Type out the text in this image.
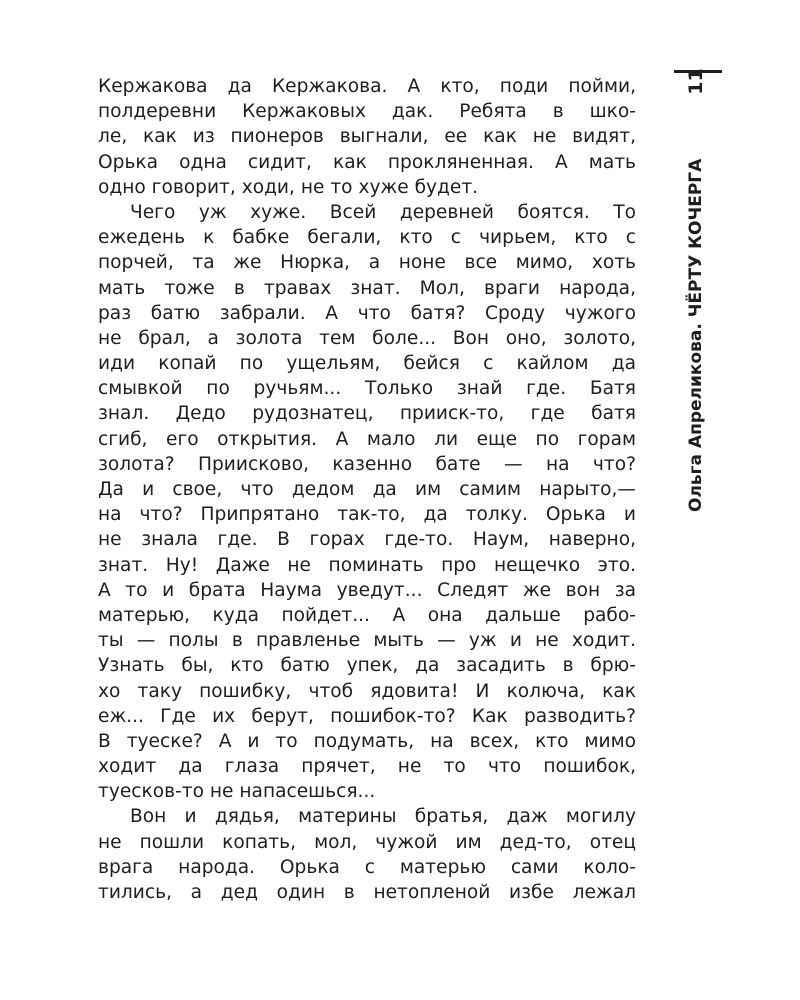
11
Ольга Апреликова. ЧЁРТУ КОЧЕРГА
Кержакова да Кержакова. А кто, поди пойми,
полдеревни Кержаковых дак. Ребята в шко-
ле, как из пионеров выгнали, ее как не видят,
Орька одна сидит, как прокляненная. А мать
одно говорит, ходи, не то хуже будет.
Чего уж хуже. Всей деревней боятся. То
ежедень к бабке бегали, кто с чирьем, кто с
порчей, та же Нюрка, а ноне все мимо, хоть
мать тоже в травах знат. Мол, враги народа,
раз батю забрали. А что батя? Сроду чужого
не брал, а золота тем боле... Вон оно, золото,
иди копай по ущельям, бейся с кайлом да
смывкой по ручьям... Только знай где. Батя
знал. Дедо рудознатец, прииск-то, где батя
сгиб, его открытия. А мало ли еще по горам
золота? Приисково, казенно бате — на что?
Да и свое, что дедом да им самим нарыто,—
на что? Припрятано так-то, да толку. Орька и
не знала где. В горах где-то. Наум, наверно,
знат. Ну! Даже не поминать про нещечко это.
А то и брата Наума уведут... Следят же вон за
матерью, куда пойдет... А она дальше рабо-
ты — полы в правленье мыть — уж и не ходит.
Узнать бы, кто батю упек, да засадить в брю-
хо таку пошибку, чтоб ядовита! И колюча, как
еж... Где их берут, пошибок-то? Как разводить?
В туеске? А и то подумать, на всех, кто мимо
ходит да глаза прячет, не то что пошибок,
туесков-то не напасешься...
Вон и дядья, материны братья, даж могилу
не пошли копать, мол, чужой им дед-то, отец
врага народа. Орька с матерью сами коло-
тились, а дед один в нетопленой избе лежал
